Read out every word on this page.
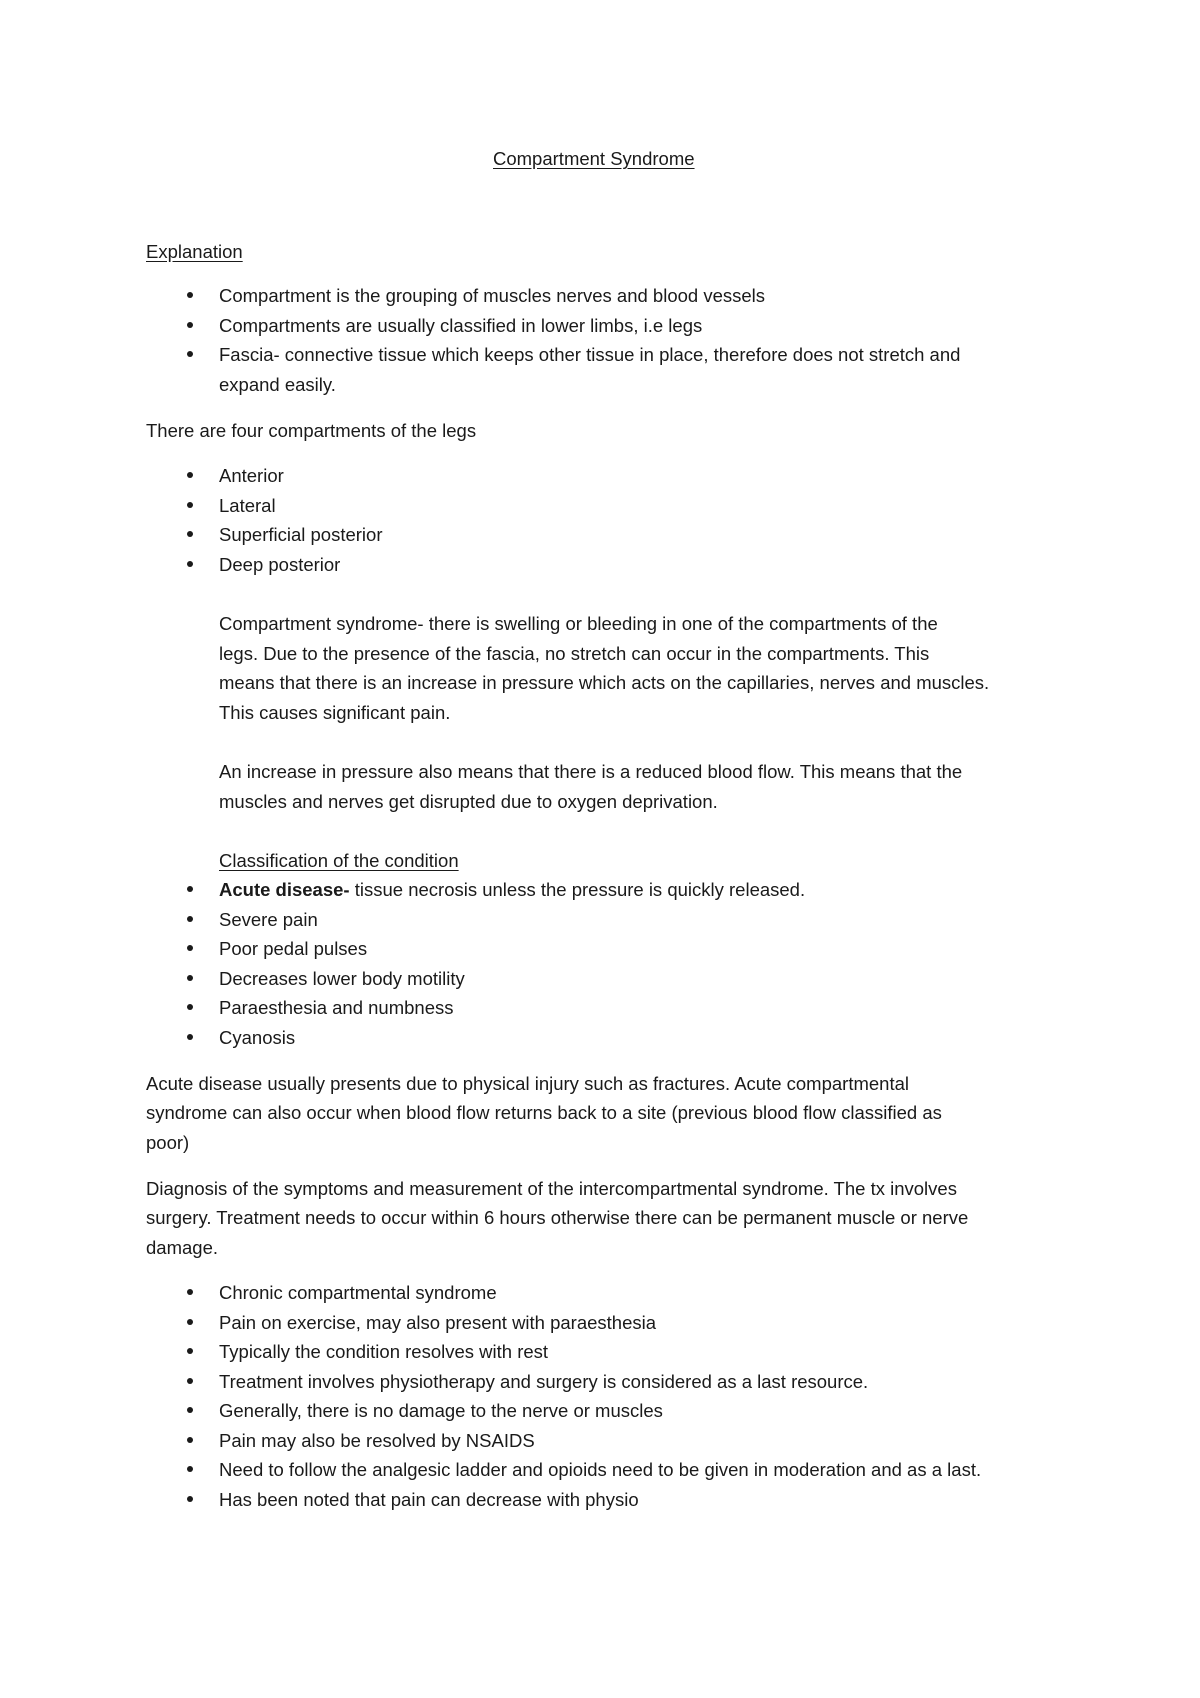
Compartment Syndrome
Explanation
Compartment is the grouping of muscles nerves and blood vessels
Compartments are usually classified in lower limbs, i.e legs
Fascia- connective tissue which keeps other tissue in place, therefore does not stretch and
expand easily.
There are four compartments of the legs
Anterior
Lateral
Superficial posterior
Deep posterior
Compartment syndrome- there is swelling or bleeding in one of the compartments of the
legs. Due to the presence of the fascia, no stretch can occur in the compartments. This
means that there is an increase in pressure which acts on the capillaries, nerves and muscles.
This causes significant pain.
An increase in pressure also means that there is a reduced blood flow. This means that the
muscles and nerves get disrupted due to oxygen deprivation.
Classification of the condition
Acute disease- tissue necrosis unless the pressure is quickly released.
Severe pain
Poor pedal pulses
Decreases lower body motility
Paraesthesia and numbness
Cyanosis
Acute disease usually presents due to physical injury such as fractures. Acute compartmental
syndrome can also occur when blood flow returns back to a site (previous blood flow classified as
poor)
Diagnosis of the symptoms and measurement of the intercompartmental syndrome. The tx involves
surgery. Treatment needs to occur within 6 hours otherwise there can be permanent muscle or nerve
damage.
Chronic compartmental syndrome
Pain on exercise, may also present with paraesthesia
Typically the condition resolves with rest
Treatment involves physiotherapy and surgery is considered as a last resource.
Generally, there is no damage to the nerve or muscles
Pain may also be resolved by NSAIDS
Need to follow the analgesic ladder and opioids need to be given in moderation and as a last.
Has been noted that pain can decrease with physio
